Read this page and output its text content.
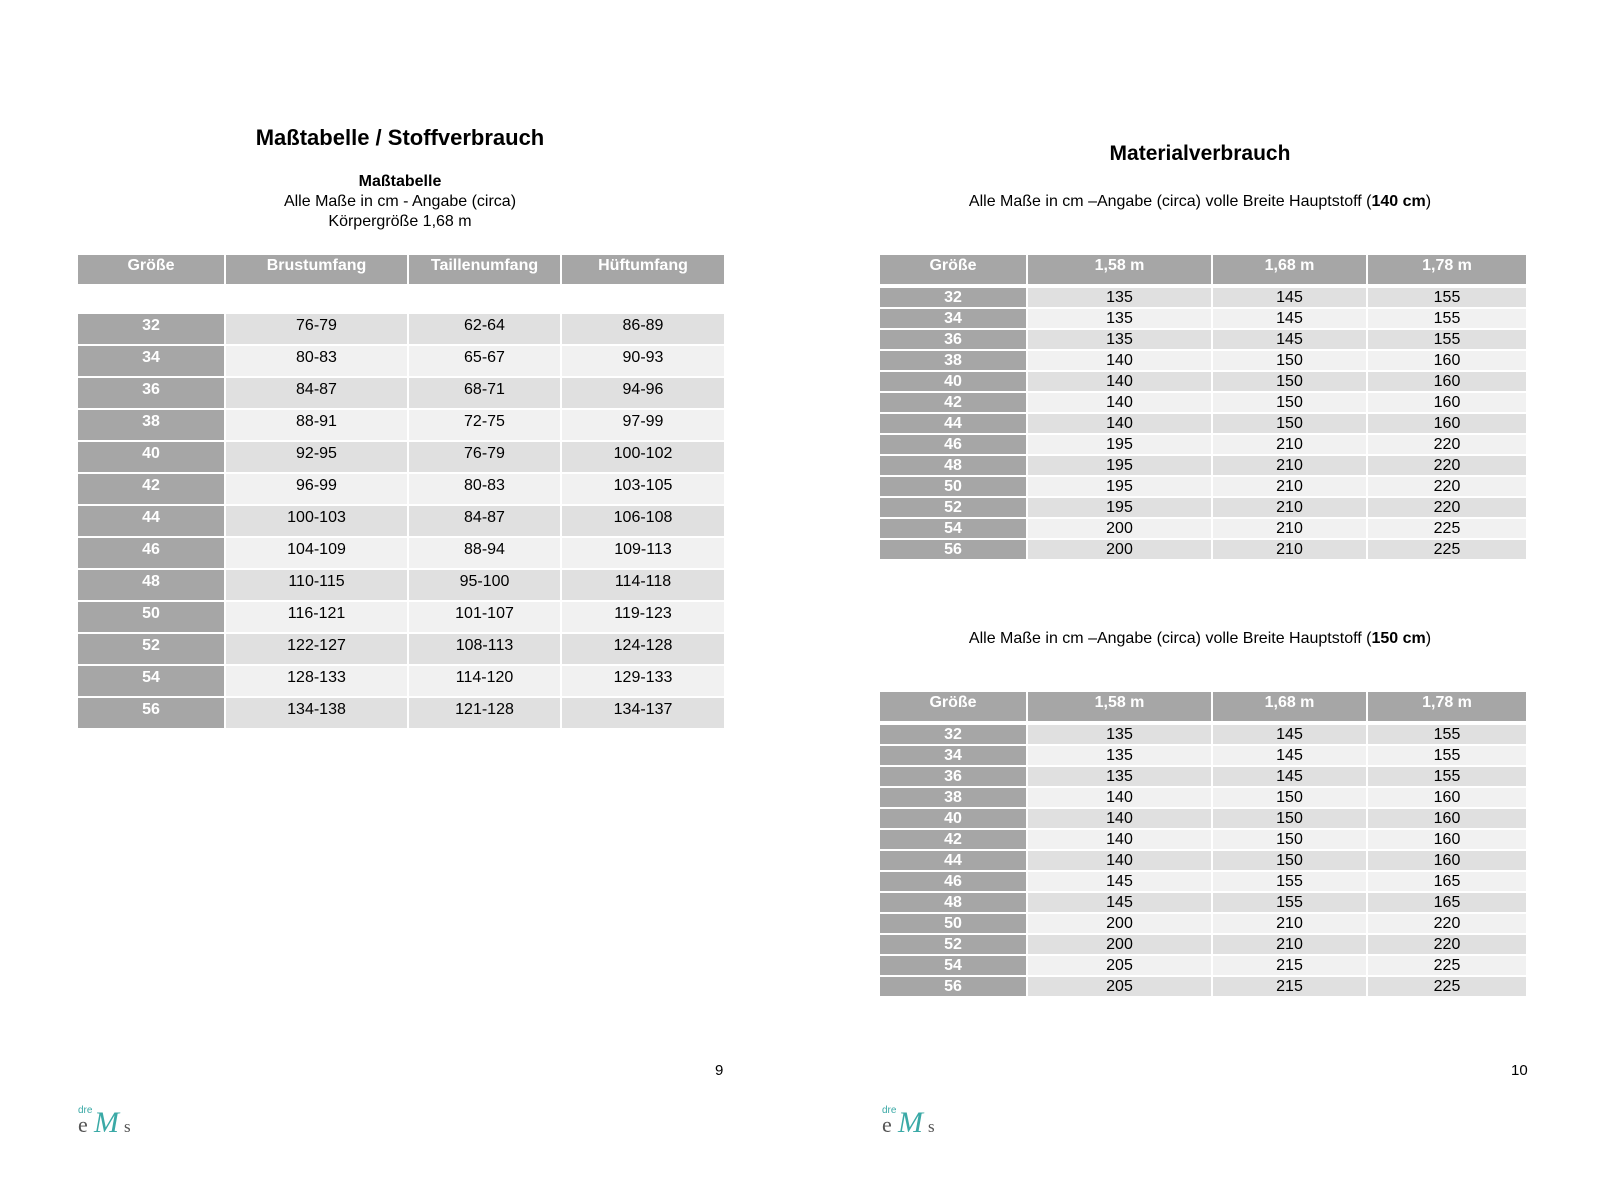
Maßtabelle / Stoffverbrauch
Maßtabelle
Alle Maße in cm - Angabe (circa)
Körpergröße 1,68 m
Größe	Brustumfang	Taillenumfang	Hüftumfang

32	76-79	62-64	86-89
34	80-83	65-67	90-93
36	84-87	68-71	94-96
38	88-91	72-75	97-99
40	92-95	76-79	100-102
42	96-99	80-83	103-105
44	100-103	84-87	106-108
46	104-109	88-94	109-113
48	110-115	95-100	114-118
50	116-121	101-107	119-123
52	122-127	108-113	124-128
54	128-133	114-120	129-133
56	134-138	121-128	134-137
9
dre
e M s
Materialverbrauch
Alle Maße in cm –Angabe (circa) volle Breite Hauptstoff (140 cm)
Größe	1,58 m	1,68 m	1,78 m

32	135	145	155
34	135	145	155
36	135	145	155
38	140	150	160
40	140	150	160
42	140	150	160
44	140	150	160
46	195	210	220
48	195	210	220
50	195	210	220
52	195	210	220
54	200	210	225
56	200	210	225
Alle Maße in cm –Angabe (circa) volle Breite Hauptstoff (150 cm)
Größe	1,58 m	1,68 m	1,78 m

32	135	145	155
34	135	145	155
36	135	145	155
38	140	150	160
40	140	150	160
42	140	150	160
44	140	150	160
46	145	155	165
48	145	155	165
50	200	210	220
52	200	210	220
54	205	215	225
56	205	215	225
10
dre
e M s
